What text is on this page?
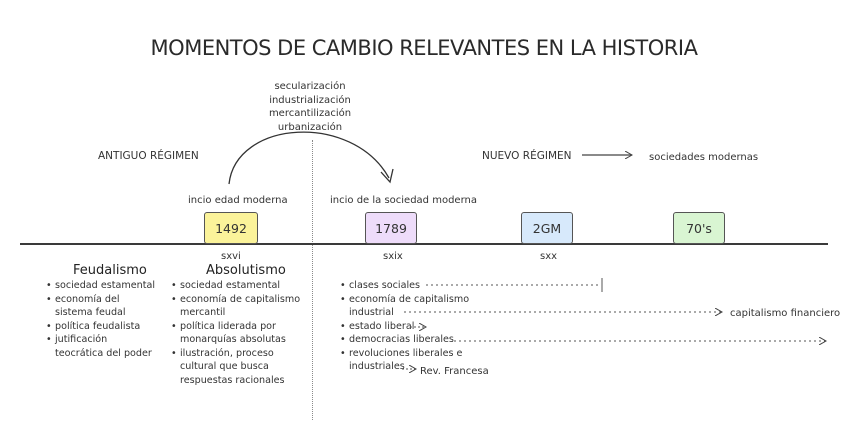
MOMENTOS DE CAMBIO RELEVANTES EN LA HISTORIA
secularización
industrialización
mercantilización
urbanización
ANTIGUO RÉGIMEN	NUEVO RÉGIMEN	sociedades modernas
incio edad moderna	incio de la sociedad moderna
1492	1789	2GM	70's
sxvi	sxix	sxx
Feudalismo
• sociedad estamental
• economía del sistema feudal
• política feudalista
• jutificación teocrática del poder
Absolutismo
• sociedad estamental
• economía de capitalismo mercantil
• política liderada por monarquías absolutas
• ilustración, proceso cultural que busca respuestas racionales
• clases sociales
• economía de capitalismo industrial
• estado liberal
• democracias liberales
• revoluciones liberales e industriales
capitalismo financiero
Rev. Francesa
